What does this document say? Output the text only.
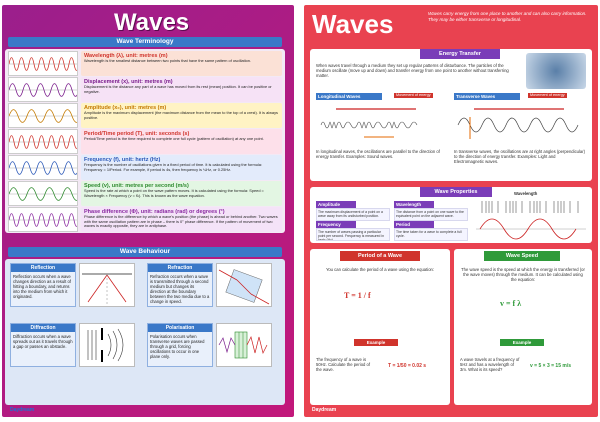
Waves
Wave Terminology
Wavelength (λ), unit: metres (m)
Wavelength is the smallest distance between two points that have the same pattern of oscillation.
Displacement (x), unit: metres (m)
Displacement is the distance any part of a wave has moved from its rest (mean) position. It can be positive or negative.
Amplitude (x₀), unit: metres (m)
Amplitude is the maximum displacement (the maximum distance from the mean to the top of a crest). It is always positive.
Period/Time period (T), unit: seconds (s)
Period/Time period is the time required to complete one full cycle (pattern of oscillation) at any one point.
Frequency (f), unit: hertz (Hz)
Frequency is the number of oscillations given in a fixed period of time. It is calculated using the formula: Frequency = 1/Period. For example, if period is 4s, then frequency is ¼Hz, or 0.25Hz.
Speed (v), unit: metres per second (m/s)
Speed is the rate at which a point on the wave pattern moves. It is calculated using the formula: Speed = Wavelength × Frequency (v = fλ). This is known as the wave equation.
Phase difference (Φ), unit: radians (rad) or degrees (°)
Phase difference is the difference by which a wave's position (the phase) is ahead or behind another. Two waves with the same oscillation pattern are in phase – there is 0° phase difference. If the pattern of movement of two waves is exactly opposite, they are in antiphase.
Wave Behaviour
Reflection
Reflection occurs when a wave changes direction as a result of hitting a boundary, and returns into the medium from which it originated.
Refraction
Refraction occurs when a wave is transmitted through a second medium but changes its direction at the boundary between the two media due to a change in speed.
Diffraction
Diffraction occurs when a wave spreads out as it travels through a gap or passes an obstacle.
Polarisation
Polarisation occurs when transverse waves are passed through a grid, forcing oscillations to occur in one plane only.
Daydream
Waves	Waves carry energy from one place to another and can also carry information. They may be either transverse or longitudinal.
Energy Transfer
When waves travel through a medium they set up regular patterns of disturbance. The particles of the medium oscillate (move up and down) and transfer energy from one point to another without transferring matter.
Longitudinal Waves	Transverse Waves
Movement of energy	Movement of energy
In longitudinal waves, the oscillations are parallel to the direction of energy transfer. Examples: Sound waves.
In transverse waves, the oscillations are at right angles (perpendicular) to the direction of energy transfer. Examples: Light and Electromagnetic waves.
Wave Properties
Amplitude
The maximum displacement of a point on a wave away from its undisturbed position.
Wavelength
The distance from a point on one wave to the equivalent point on the adjacent wave.
Frequency
The number of waves passing a particular point per second. Frequency is measured in hertz (Hz).
Period
The time taken for a wave to complete a full cycle.
Wavelength
Period of a Wave
You can calculate the period of a wave using the equation:
T = 1 / f
Example
The frequency of a wave is 50Hz. Calculate the period of the wave.
T = 1/50 = 0.02 s
Wave Speed
The wave speed is the speed at which the energy is transferred (or the wave moves) through the medium. It can be calculated using the equation:
v = f λ
Example
A wave travels at a frequency of 5Hz and has a wavelength of 3m. What is its speed?
v = 5 × 3 = 15 m/s
Daydream
